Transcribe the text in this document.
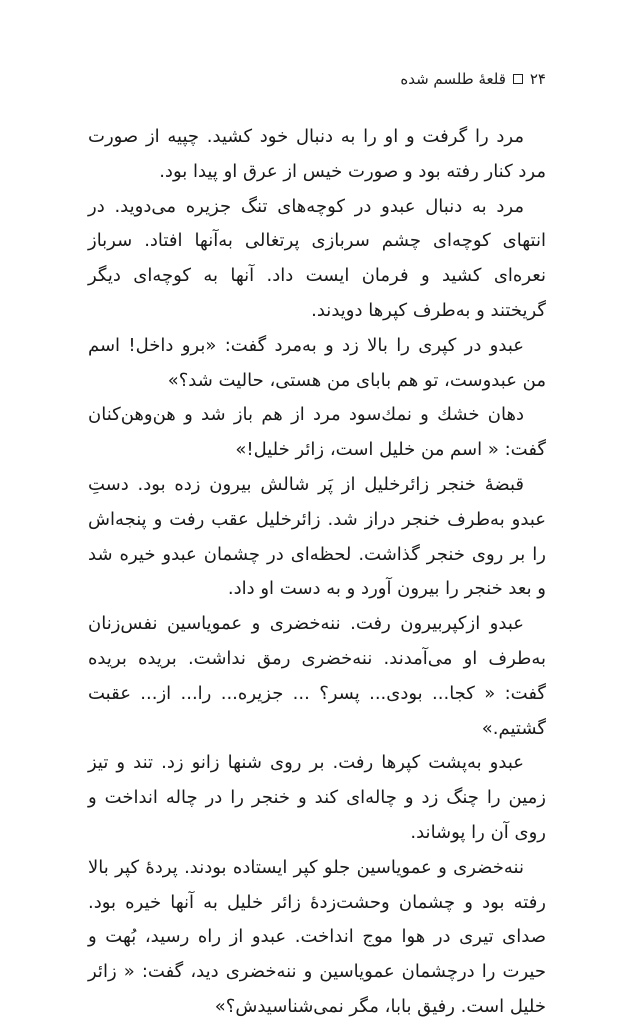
۲۴
قلعهٔ طلسم شده

مرد را گرفت و او را به دنبال خود کشید. چپیه از صورت مرد کنار رفته بود و صورت خیس از عرق او پیدا بود.

مرد به دنبال عبدو در کوچه‌های تنگ جزیره می‌دوید. در انتهای کوچه‌ای چشم سربازی پرتغالی به‌آنها افتاد. سرباز نعره‌ای کشید و فرمان ایست داد. آنها به کوچه‌ای دیگر گریختند و به‌طرف کپرها دویدند.

عبدو در کپری را بالا زد و به‌مرد گفت: «برو داخل! اسم من عبدوست، تو هم بابای من هستی، حالیت شد؟»

دهان خشك و نمك‌سود مرد از هم باز شد و هن‌وهن‌کنان گفت: « اسم من خلیل است، زائر خلیل!»

قبضهٔ خنجر زائرخلیل از پَر شالش بیرون زده بود. دستِ عبدو به‌طرف خنجر دراز شد. زائرخلیل عقب رفت و پنجه‌اش را بر روی خنجر گذاشت. لحظه‌ای در چشمان عبدو خیره شد و بعد خنجر را بیرون آورد و به دست او داد.

عبدو ازکپربیرون رفت. ننه‌خضری و عمویاسین نفس‌زنان به‌طرف او می‌آمدند. ننه‌خضری رمق نداشت. بریده بریده گفت: « کجا... بودی... پسر؟ ... جزیره... را... از... عقبت گشتیم.»

عبدو به‌پشت کپرها رفت. بر روی شنها زانو زد. تند و تیز زمین را چنگ زد و چاله‌ای کند و خنجر را در چاله انداخت و روی آن را پوشاند.

ننه‌خضری و عمویاسین جلو کپر ایستاده بودند. پردهٔ کپر بالا رفته بود و چشمان وحشت‌زدهٔ زائر خلیل به آنها خیره بود. صدای تیری در هوا موج انداخت. عبدو از راه رسید، بُهت و حیرت را درچشمان عمویاسین و ننه‌خضری دید، گفت: « زائر خلیل است. رفیق بابا، مگر نمی‌شناسیدش؟»
